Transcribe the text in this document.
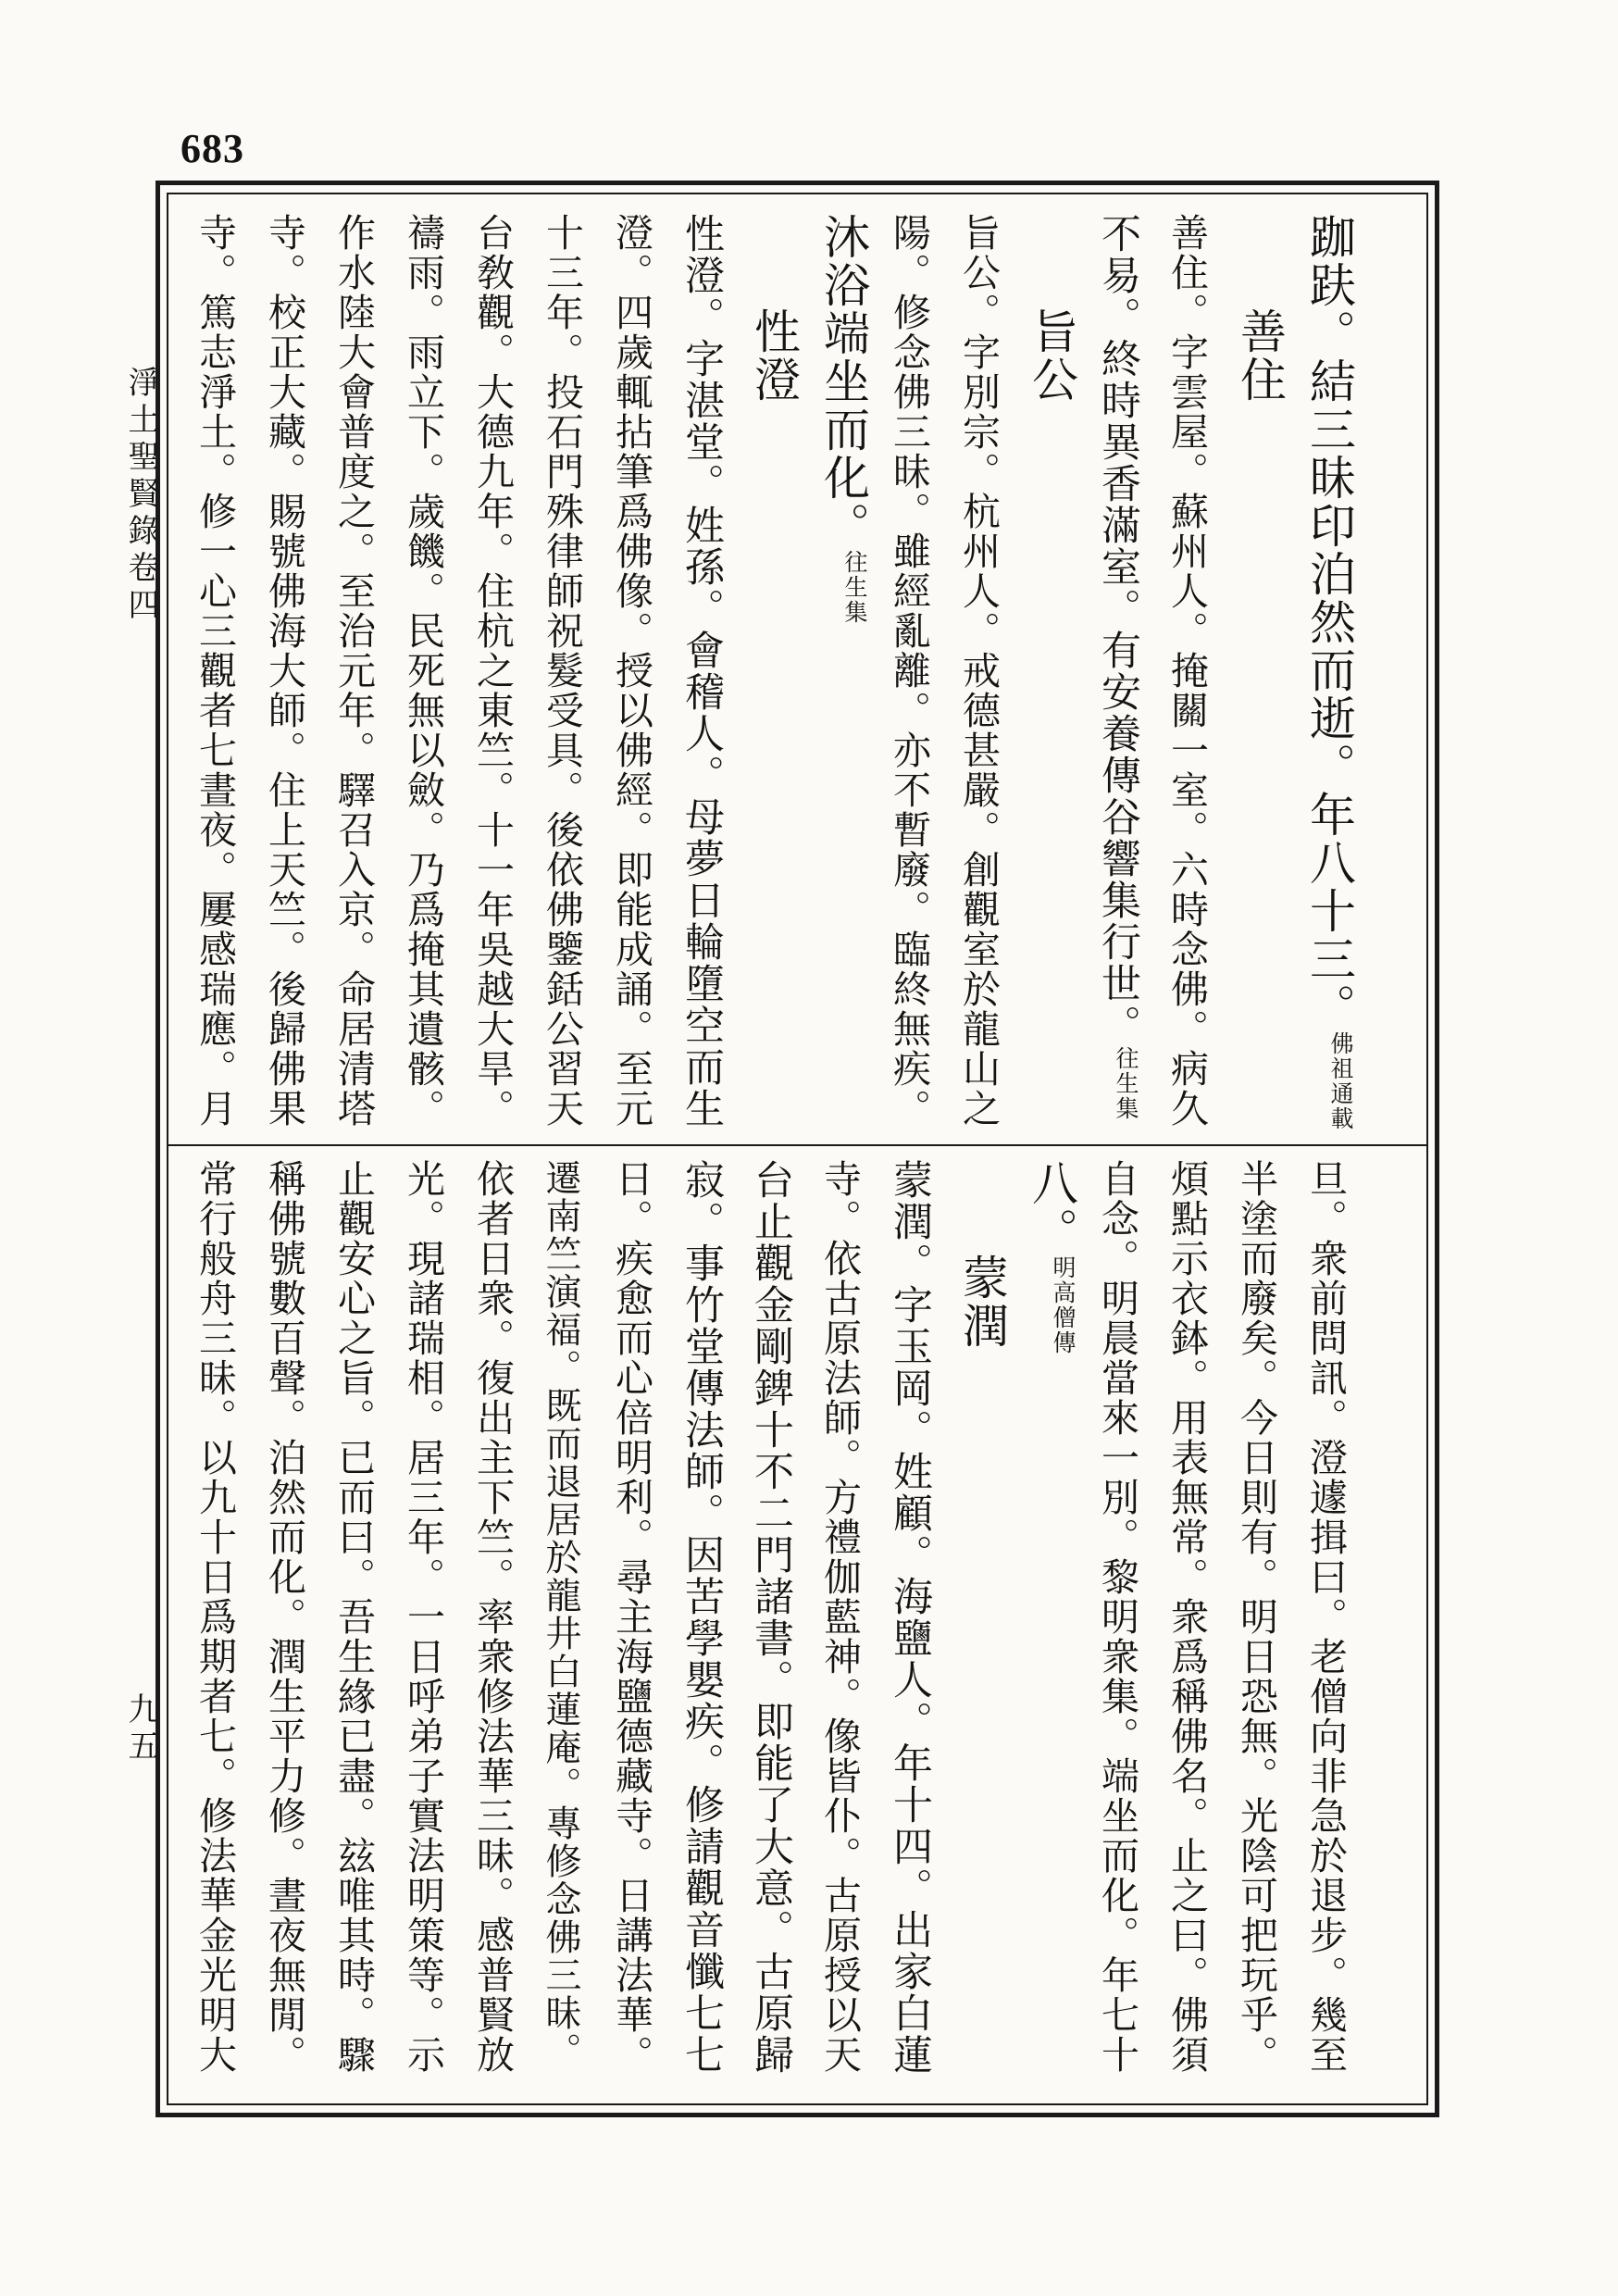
683
淨土聖賢錄卷四
九五
跏趺。結三昧印泊然而逝。年八十三。佛祖通載
善住
善住。字雲屋。蘇州人。掩關一室。六時念佛。病久
不易。終時異香滿室。有安養傳谷響集行世。往生集
旨公
旨公。字別宗。杭州人。戒德甚嚴。創觀室於龍山之
陽。修念佛三昧。雖經亂離。亦不暫廢。臨終無疾。
沐浴端坐而化。往生集
性澄
性澄。字湛堂。姓孫。會稽人。母夢日輪墮空而生
澄。四歲輒拈筆爲佛像。授以佛經。即能成誦。至元
十三年。投石門殊律師祝髮受具。後依佛鑒銛公習天
台敎觀。大德九年。住杭之東竺。十一年吳越大旱。
禱雨。雨立下。歲饑。民死無以斂。乃爲掩其遺骸。
作水陸大會普度之。至治元年。驛召入京。命居清塔
寺。校正大藏。賜號佛海大師。住上天竺。後歸佛果
寺。篤志淨土。修一心三觀者七晝夜。屢感瑞應。月
旦。衆前問訊。澄遽揖曰。老僧向非急於退步。幾至
半塗而廢矣。今日則有。明日恐無。光陰可把玩乎。
煩點示衣鉢。用表無常。衆爲稱佛名。止之曰。佛須
自念。明晨當來一別。黎明衆集。端坐而化。年七十
八。明高僧傳
蒙潤
蒙潤。字玉岡。姓顧。海鹽人。年十四。出家白蓮
寺。依古原法師。方禮伽藍神。像皆仆。古原授以天
台止觀金剛錍十不二門諸書。即能了大意。古原歸
寂。事竹堂傳法師。因苦學嬰疾。修請觀音懺七七
日。疾愈而心倍明利。尋主海鹽德藏寺。日講法華。
遷南竺演福。既而退居於龍井白蓮庵。專修念佛三昧。
依者日衆。復出主下竺。率衆修法華三昧。感普賢放
光。現諸瑞相。居三年。一日呼弟子實法明策等。示
止觀安心之旨。已而曰。吾生緣已盡。玆唯其時。驟
稱佛號數百聲。泊然而化。潤生平力修。晝夜無閒。
常行般舟三昧。以九十日爲期者七。修法華金光明大
